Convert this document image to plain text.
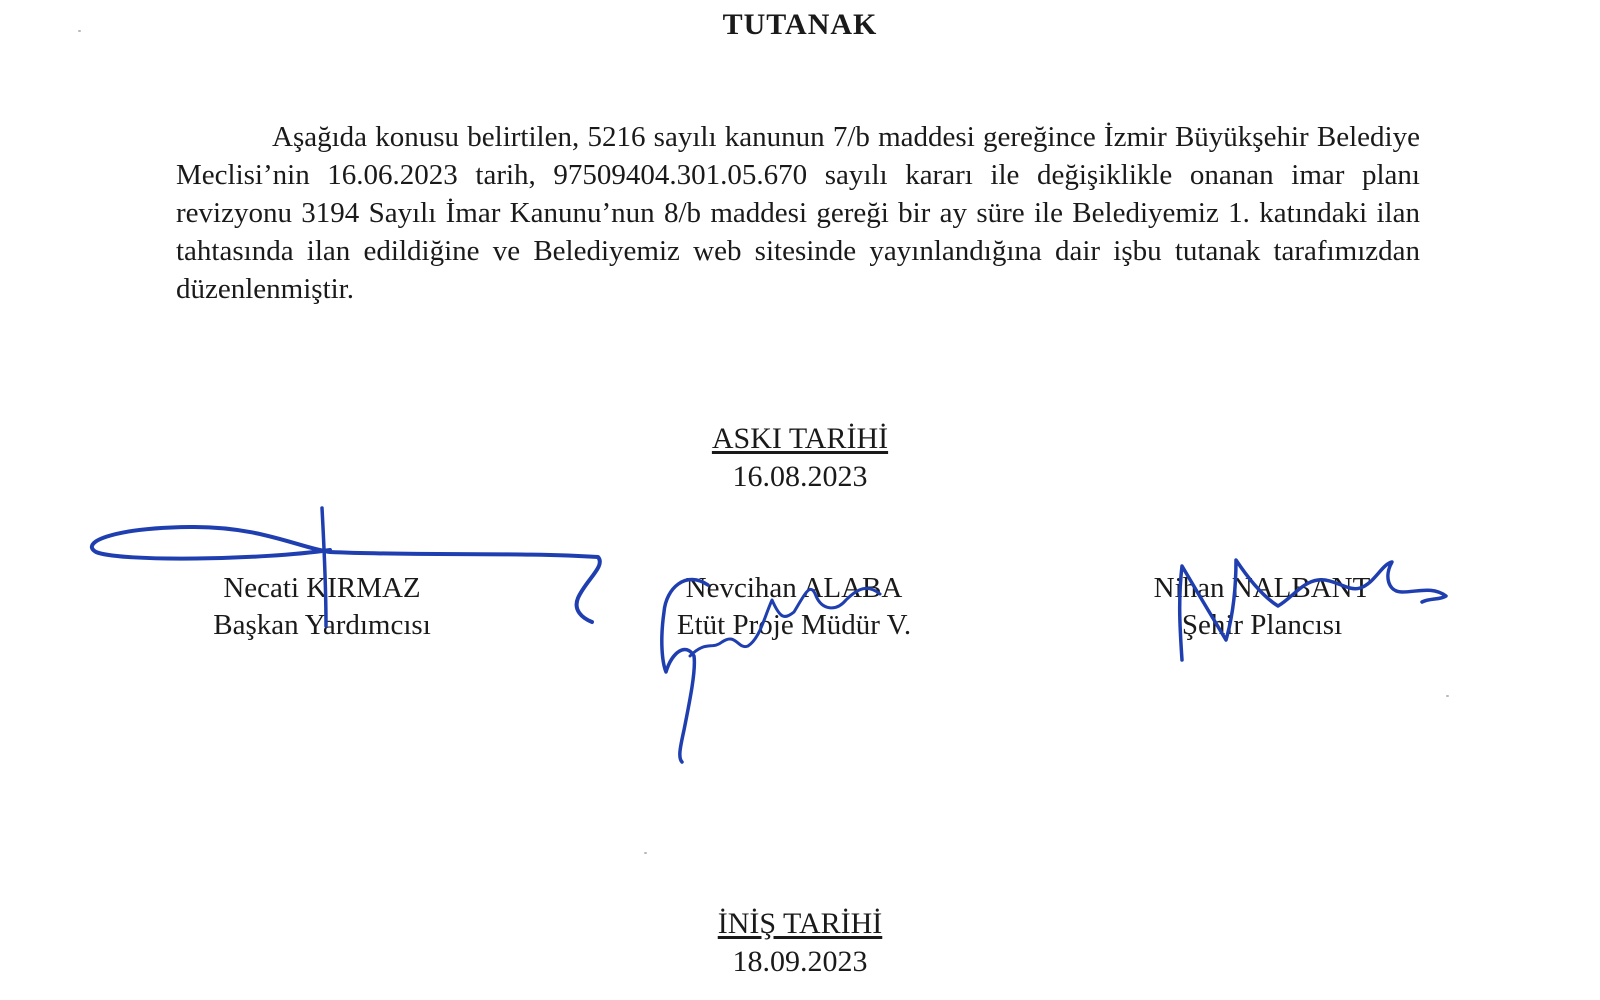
TUTANAK

Aşağıda konusu belirtilen, 5216 sayılı kanunun 7/b maddesi gereğince İzmir Büyükşehir Belediye Meclisi’nin 16.06.2023 tarih, 97509404.301.05.670 sayılı kararı ile değişiklikle onanan imar planı revizyonu 3194 Sayılı İmar Kanunu’nun 8/b maddesi gereği bir ay süre ile Belediyemiz 1. katındaki ilan tahtasında ilan edildiğine ve Belediyemiz web sitesinde yayınlandığına dair işbu tutanak tarafımızdan düzenlenmiştir.

ASKI TARİHİ
16.08.2023
Necati KIRMAZ
Başkan Yardımcısı
Nevcihan ALABA
Etüt Proje Müdür V.
Nihan NALBANT
Şehir Plancısı
İNİŞ TARİHİ
18.09.2023
